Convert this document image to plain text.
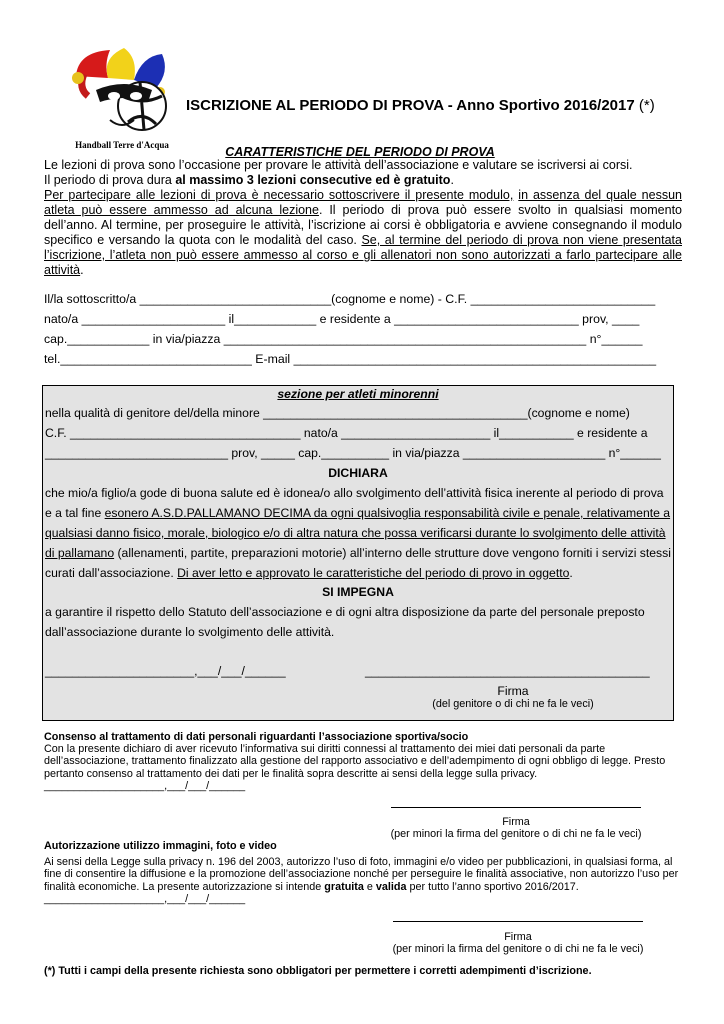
Handball Terre d'Acqua
ISCRIZIONE AL PERIODO DI PROVA - Anno Sportivo 2016/2017 (*)
CARATTERISTICHE DEL PERIODO DI PROVA
Le lezioni di prova sono l’occasione per provare le attività dell’associazione e valutare se iscriversi ai corsi.
Il periodo di prova dura al massimo 3 lezioni consecutive ed è gratuito.
Per partecipare alle lezioni di prova è necessario sottoscrivere il presente modulo, in assenza del quale nessun atleta può essere ammesso ad alcuna lezione. Il periodo di prova può essere svolto in qualsiasi momento dell’anno. Al termine, per proseguire le attività, l’iscrizione ai corsi è obbligatoria e avviene consegnando il modulo specifico e versando la quota con le modalità del caso. Se, al termine del periodo di prova non viene presentata l’iscrizione, l’atleta non può essere ammesso al corso e gli allenatori non sono autorizzati a farlo partecipare alle attività.
Il/la sottoscritto/a ____________________________(cognome e nome) - C.F. ___________________________
nato/a _____________________ il____________ e residente a ___________________________ prov, ____
cap.____________ in via/piazza _____________________________________________________ n°______
tel.____________________________ E-mail _____________________________________________________
sezione per atleti minorenni
nella qualità di genitore del/della minore _______________________________________(cognome e nome)
C.F. __________________________________ nato/a ______________________ il___________ e residente a
___________________________ prov, _____ cap.__________ in via/piazza _____________________ n°______
DICHIARA
che mio/a figlio/a gode di buona salute ed è idonea/o allo svolgimento dell’attività fisica inerente al periodo di prova
e a tal fine esonero A.S.D.PALLAMANO DECIMA da ogni qualsivoglia responsabilità civile e penale, relativamente a
qualsiasi danno fisico, morale, biologico e/o di altra natura che possa verificarsi durante lo svolgimento delle attività
di pallamano (allenamenti, partite, preparazioni motorie) all’interno delle strutture dove vengono forniti i servizi stessi
curati dall’associazione. Di aver letto e approvato le caratteristiche del periodo di provo in oggetto.
SI IMPEGNA
a garantire il rispetto dello Statuto dell’associazione e di ogni altra disposizione da parte del personale preposto
dall’associazione durante lo svolgimento delle attività.
______________________,___/___/______	__________________________________________
Firma
(del genitore o di chi ne fa le veci)
Consenso al trattamento di dati personali riguardanti l’associazione sportiva/socio
Con la presente dichiaro di aver ricevuto l’informativa sui diritti connessi al trattamento dei miei dati personali da parte dell’associazione, trattamento finalizzato alla gestione del rapporto associativo e dell’adempimento di ogni obbligo di legge. Presto pertanto consenso al trattamento dei dati per le finalità sopra descritte ai sensi della legge sulla privacy.
____________________,___/___/______
Firma
(per minori la firma del genitore o di chi ne fa le veci)
Autorizzazione utilizzo immagini, foto e video
Ai sensi della Legge sulla privacy n. 196 del 2003, autorizzo l’uso di foto, immagini e/o video per pubblicazioni, in qualsiasi forma, al fine di consentire la diffusione e la promozione dell’associazione nonché per perseguire le finalità associative, non autorizzo l’uso per finalità economiche. La presente autorizzazione si intende gratuita e valida per tutto l’anno sportivo 2016/2017.
____________________,___/___/______
Firma
(per minori la firma del genitore o di chi ne fa le veci)
(*) Tutti i campi della presente richiesta sono obbligatori per permettere i corretti adempimenti d’iscrizione.
